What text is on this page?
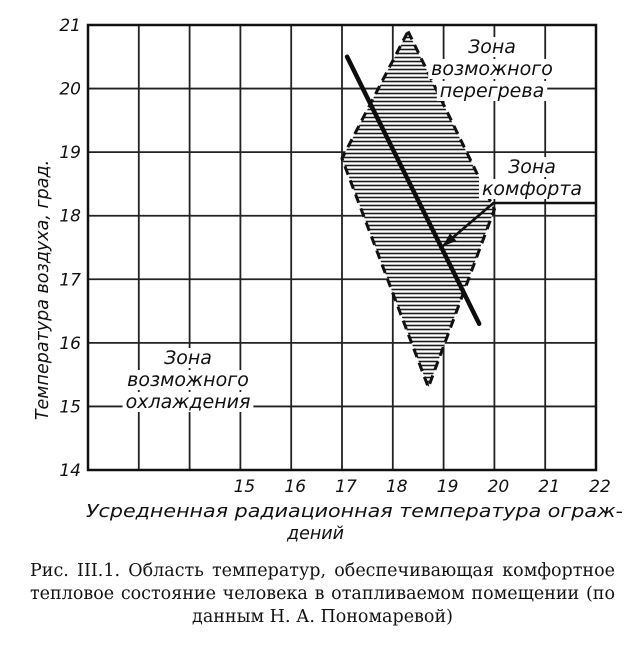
14
15
16
17
18
19
20
21
15 16 17 18 19 20 21 22
Усредненная радиационная температура ограж-
дений
Температура воздуха, град.
Зона
возможного
перегрева
Зона
комфорта
Зона
возможного
охлаждения
Рис. III.1. Область температур, обеспечивающая комфортное тепловое состояние человека в отапливаемом помещении (по данным Н. А. Пономаревой)
